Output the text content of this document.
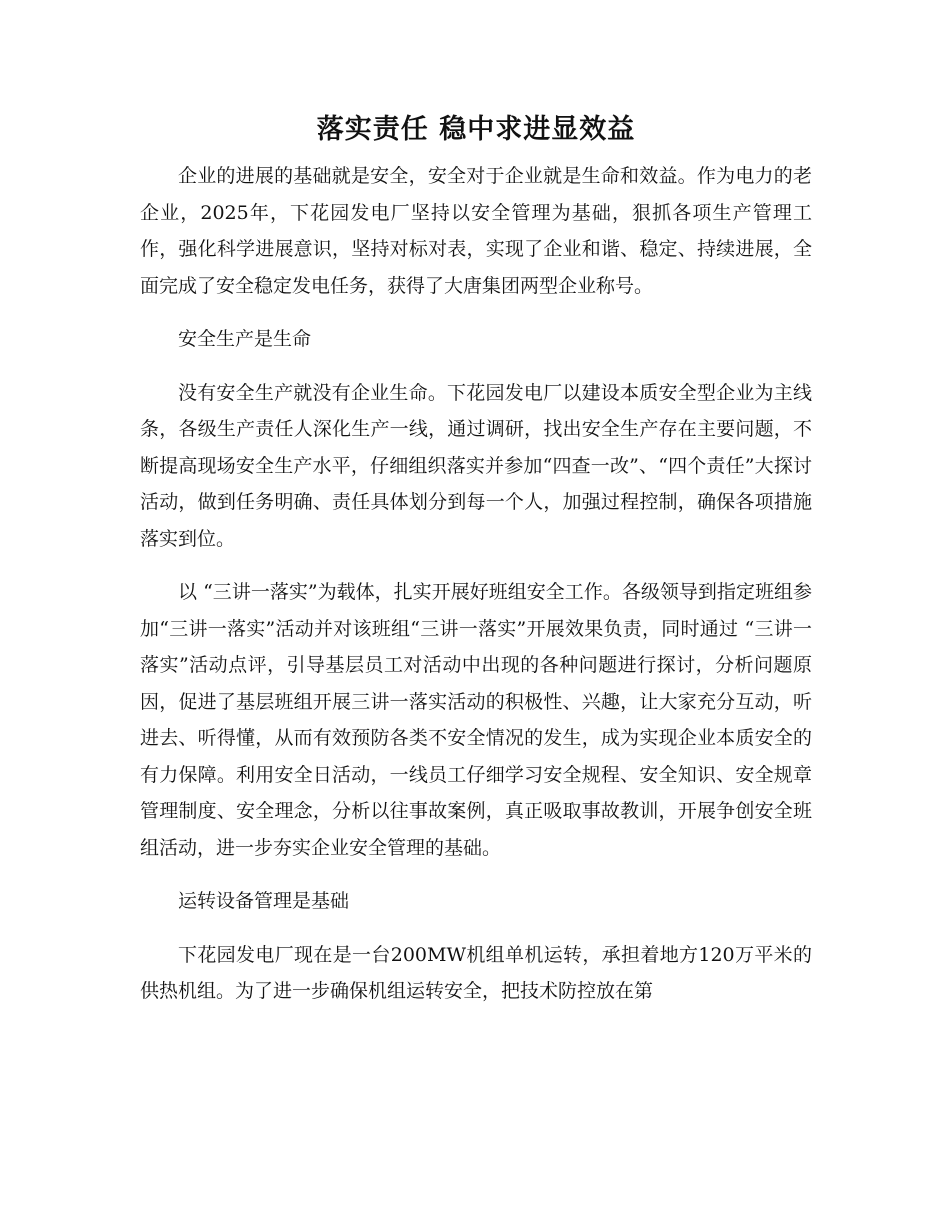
落实责任 稳中求进显效益

企业的进展的基础就是安全，安全对于企业就是生命和效益。作为电力的老企业，2025年，下花园发电厂坚持以安全管理为基础，狠抓各项生产管理工作，强化科学进展意识，坚持对标对表，实现了企业和谐、稳定、持续进展，全面完成了安全稳定发电任务，获得了大唐集团两型企业称号。

安全生产是生命

没有安全生产就没有企业生命。下花园发电厂以建设本质安全型企业为主线条，各级生产责任人深化生产一线，通过调研，找出安全生产存在主要问题，不断提高现场安全生产水平，仔细组织落实并参加“四查一改”、“四个责任”大探讨活动，做到任务明确、责任具体划分到每一个人，加强过程控制，确保各项措施落实到位。

以 “三讲一落实”为载体，扎实开展好班组安全工作。各级领导到指定班组参加“三讲一落实”活动并对该班组“三讲一落实”开展效果负责，同时通过 “三讲一落实”活动点评，引导基层员工对活动中出现的各种问题进行探讨，分析问题原因，促进了基层班组开展三讲一落实活动的积极性、兴趣，让大家充分互动，听进去、听得懂，从而有效预防各类不安全情况的发生，成为实现企业本质安全的有力保障。利用安全日活动，一线员工仔细学习安全规程、安全知识、安全规章管理制度、安全理念，分析以往事故案例，真正吸取事故教训，开展争创安全班组活动，进一步夯实企业安全管理的基础。

运转设备管理是基础

下花园发电厂现在是一台200MW机组单机运转，承担着地方120万平米的供热机组。为了进一步确保机组运转安全，把技术防控放在第
